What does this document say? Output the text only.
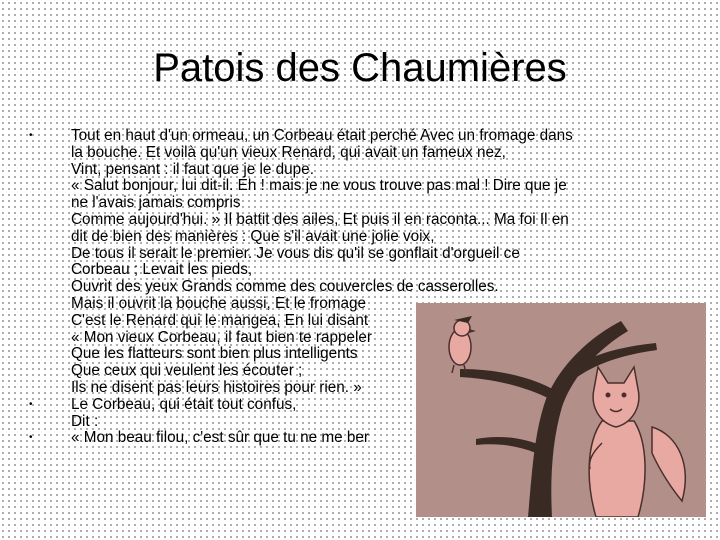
Patois des Chaumières
•	Tout en haut d'un ormeau, un Corbeau était perché Avec un fromage dans
la bouche. Et voilà qu'un vieux Renard, qui avait un fameux nez,
Vint, pensant : il faut que je le dupe.
« Salut bonjour, lui dit-il. Eh ! mais je ne vous trouve pas mal ! Dire que je
ne l'avais jamais compris
Comme aujourd'hui. » Il battit des ailes, Et puis il en raconta... Ma foi Il en
dit de bien des manières : Que s'il avait une jolie voix,
De tous il serait le premier. Je vous dis qu'il se gonflait d'orgueil ce
Corbeau ; Levait les pieds,
Ouvrit des yeux Grands comme des couvercles de casserolles.
Mais il ouvrit la bouche aussi, Et le fromage
C'est le Renard qui le mangea, En lui disant
« Mon vieux Corbeau, il faut bien te rappeler
Que les flatteurs sont bien plus intelligents
Que ceux qui veulent les écouter ;
Ils ne disent pas leurs histoires pour rien. »
•	Le Corbeau, qui était tout confus,
Dit :
•	« Mon beau filou, c'est sûr que tu ne me ber
